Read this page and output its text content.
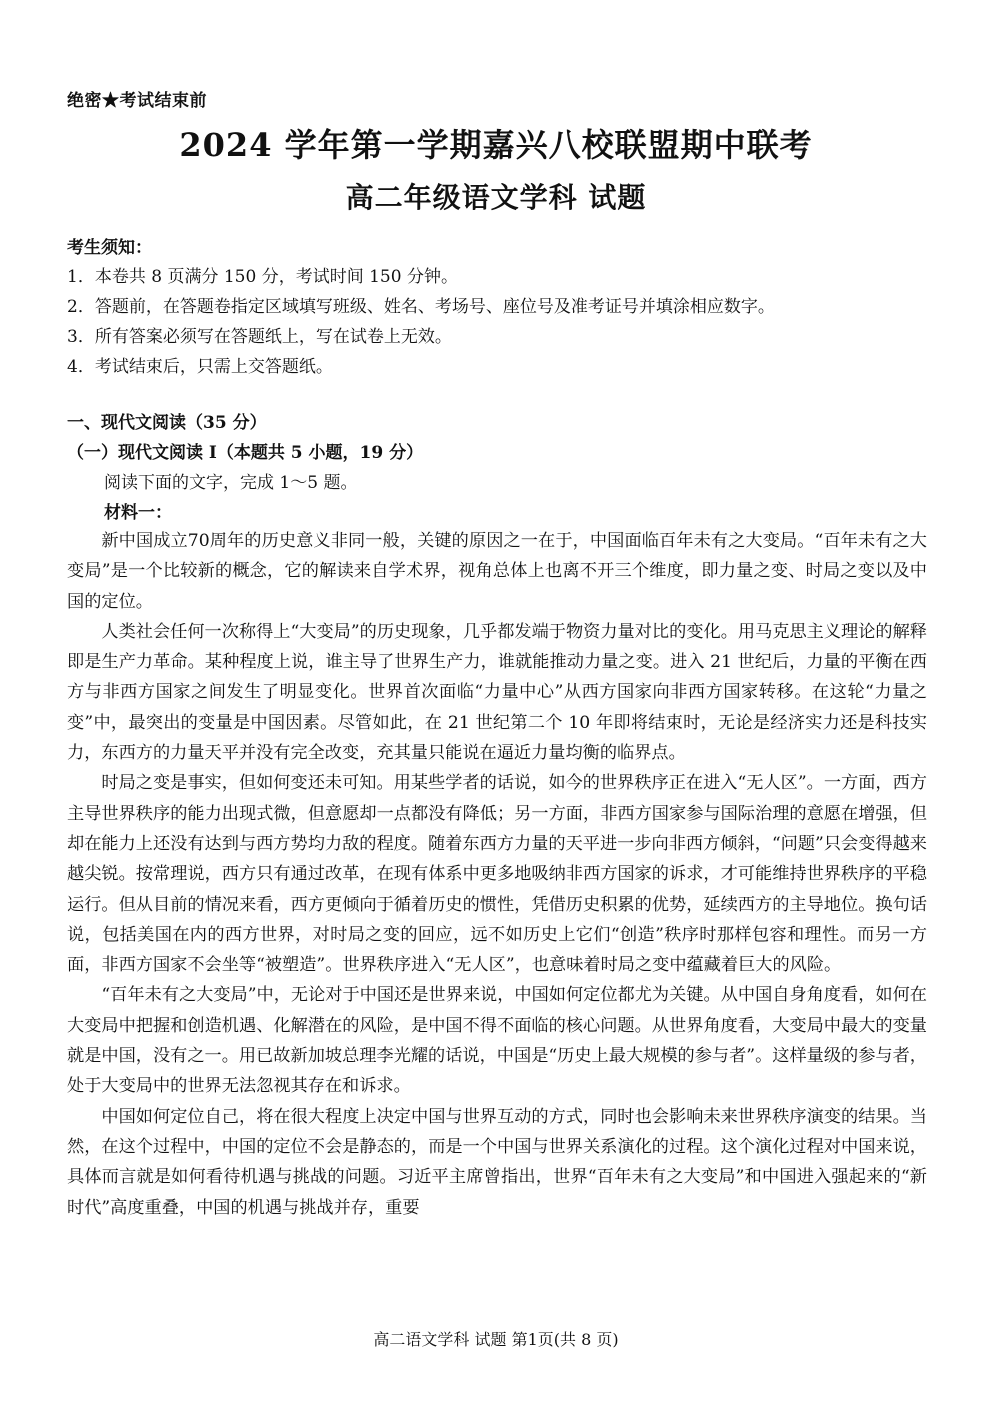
绝密★考试结束前
2024 学年第一学期嘉兴八校联盟期中联考
高二年级语文学科 试题
考生须知：
1．本卷共 8 页满分 150 分，考试时间 150 分钟。
2．答题前，在答题卷指定区域填写班级、姓名、考场号、座位号及准考证号并填涂相应数字。
3．所有答案必须写在答题纸上，写在试卷上无效。
4．考试结束后，只需上交答题纸。
一、现代文阅读（35 分）
（一）现代文阅读 I（本题共 5 小题，19 分）
阅读下面的文字，完成 1～5 题。
材料一：

新中国成立70周年的历史意义非同一般，关键的原因之一在于，中国面临百年未有之大变局。“百年未有之大变局”是一个比较新的概念，它的解读来自学术界，视角总体上也离不开三个维度，即力量之变、时局之变以及中国的定位。

人类社会任何一次称得上“大变局”的历史现象，几乎都发端于物资力量对比的变化。用马克思主义理论的解释即是生产力革命。某种程度上说，谁主导了世界生产力，谁就能推动力量之变。进入 21 世纪后，力量的平衡在西方与非西方国家之间发生了明显变化。世界首次面临“力量中心”从西方国家向非西方国家转移。在这轮“力量之变”中，最突出的变量是中国因素。尽管如此，在 21 世纪第二个 10 年即将结束时，无论是经济实力还是科技实力，东西方的力量天平并没有完全改变，充其量只能说在逼近力量均衡的临界点。

时局之变是事实，但如何变还未可知。用某些学者的话说，如今的世界秩序正在进入“无人区”。一方面，西方主导世界秩序的能力出现式微，但意愿却一点都没有降低；另一方面，非西方国家参与国际治理的意愿在增强，但却在能力上还没有达到与西方势均力敌的程度。随着东西方力量的天平进一步向非西方倾斜，“问题”只会变得越来越尖锐。按常理说，西方只有通过改革，在现有体系中更多地吸纳非西方国家的诉求，才可能维持世界秩序的平稳运行。但从目前的情况来看，西方更倾向于循着历史的惯性，凭借历史积累的优势，延续西方的主导地位。换句话说，包括美国在内的西方世界，对时局之变的回应，远不如历史上它们“创造”秩序时那样包容和理性。而另一方面，非西方国家不会坐等“被塑造”。世界秩序进入“无人区”，也意味着时局之变中蕴藏着巨大的风险。

“百年未有之大变局”中，无论对于中国还是世界来说，中国如何定位都尤为关键。从中国自身角度看，如何在大变局中把握和创造机遇、化解潜在的风险，是中国不得不面临的核心问题。从世界角度看，大变局中最大的变量就是中国，没有之一。用已故新加坡总理李光耀的话说，中国是“历史上最大规模的参与者”。这样量级的参与者，处于大变局中的世界无法忽视其存在和诉求。

中国如何定位自己，将在很大程度上决定中国与世界互动的方式，同时也会影响未来世界秩序演变的结果。当然，在这个过程中，中国的定位不会是静态的，而是一个中国与世界关系演化的过程。这个演化过程对中国来说，具体而言就是如何看待机遇与挑战的问题。习近平主席曾指出，世界“百年未有之大变局”和中国进入强起来的“新时代”高度重叠，中国的机遇与挑战并存，重要

高二语文学科 试题 第1页(共 8 页)
